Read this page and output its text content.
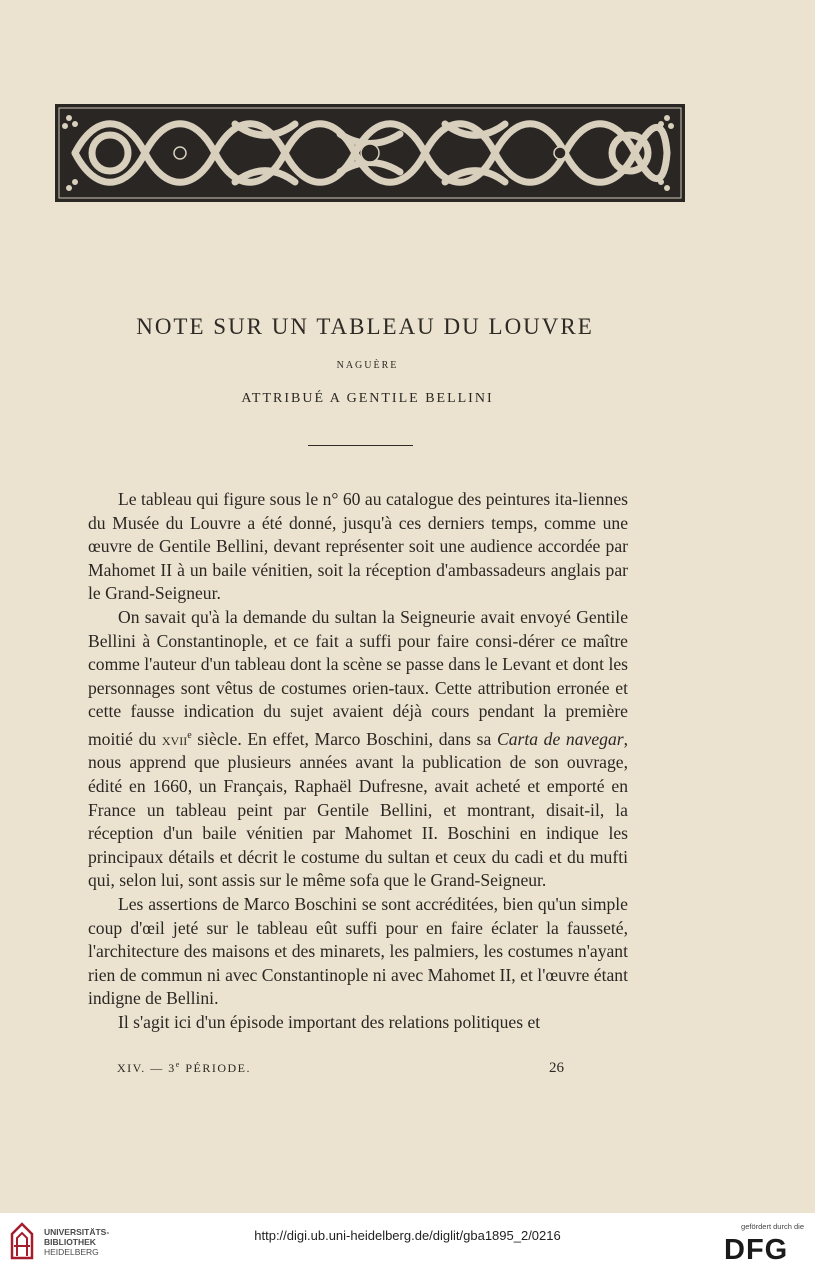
NOTE SUR UN TABLEAU DU LOUVRE
NAGUÈRE
ATTRIBUÉ A GENTILE BELLINI

Le tableau qui figure sous le n° 60 au catalogue des peintures ita-liennes du Musée du Louvre a été donné, jusqu'à ces derniers temps, comme une œuvre de Gentile Bellini, devant représenter soit une audience accordée par Mahomet II à un baile vénitien, soit la réception d'ambassadeurs anglais par le Grand-Seigneur.

On savait qu'à la demande du sultan la Seigneurie avait envoyé Gentile Bellini à Constantinople, et ce fait a suffi pour faire consi-dérer ce maître comme l'auteur d'un tableau dont la scène se passe dans le Levant et dont les personnages sont vêtus de costumes orien-taux. Cette attribution erronée et cette fausse indication du sujet avaient déjà cours pendant la première moitié du xvii$^e$ siècle. En effet, Marco Boschini, dans sa Carta de navegar, nous apprend que plusieurs années avant la publication de son ouvrage, édité en 1660, un Français, Raphaël Dufresne, avait acheté et emporté en France un tableau peint par Gentile Bellini, et montrant, disait-il, la réception d'un baile vénitien par Mahomet II. Boschini en indique les principaux détails et décrit le costume du sultan et ceux du cadi et du mufti qui, selon lui, sont assis sur le même sofa que le Grand-Seigneur.

Les assertions de Marco Boschini se sont accréditées, bien qu'un simple coup d'œil jeté sur le tableau eût suffi pour en faire éclater la fausseté, l'architecture des maisons et des minarets, les palmiers, les costumes n'ayant rien de commun ni avec Constantinople ni avec Mahomet II, et l'œuvre étant indigne de Bellini.

Il s'agit ici d'un épisode important des relations politiques et

XIV. — 3e PÉRIODE.	26
UNIVERSITÄTS-
BIBLIOTHEK
HEIDELBERG
http://digi.ub.uni-heidelberg.de/diglit/gba1895_2/0216
gefördert durch die
DFG
